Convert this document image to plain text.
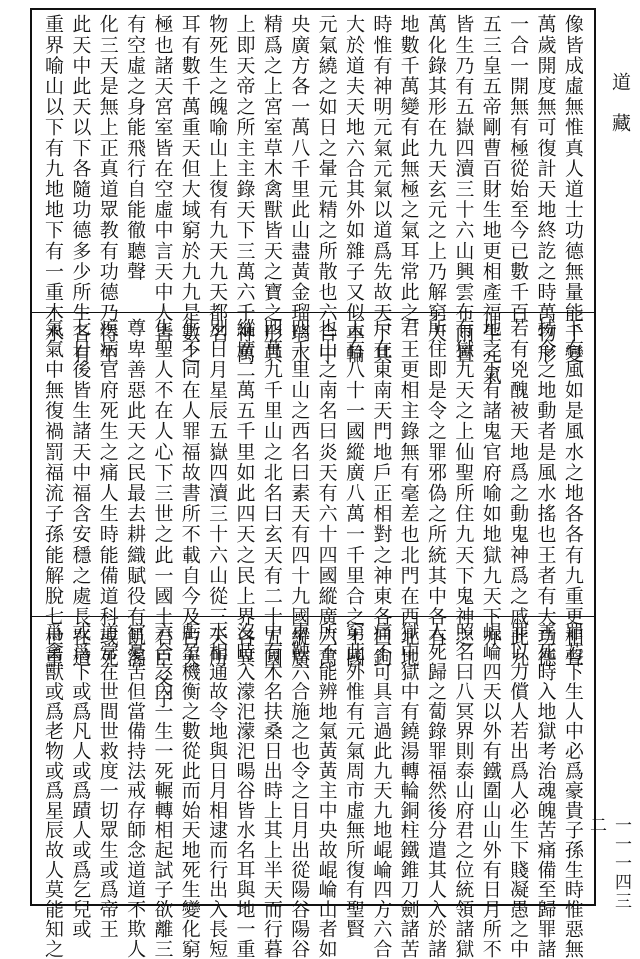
像皆成虛無惟真人道士功德無量能千變
萬歲開度無可復計天地終訖之時萬物形
一合一開無有極從始至今已數千百
五三皇五帝剛曹百財生地更相產福生元氣
皆生乃有五嶽四瀆三十六山興雲布雨置
萬化錄其形在九天玄元之上乃解窮天
地數千萬變有此無極之氣耳常此之
時惟有神明元氣元氣以道爲先故天下其
大於道夫天地六合其外如雜子又似車輪
元氣繞之如日之暈元精之所散也六合中
央廣方各一萬八千里此山盡黃金瑠璃水
精爲之上宮室草木禽獸皆天之寶之形其
上即天帝之所主主錄天下三萬六千神萬
物死生之魄喻山上復有九天九天都名
耳有數千萬重天但大域窮於九九是數之
極也諸天宮室皆在空虛中言天中人皆
有空虛之身能飛行自能徹聽聲
化三天是無上正真道眾教有功德乃得生
此天中此天以下各隨功德多少所生各有
重界喻山以下有九地地下有一重木水
下有風如是風水之地各各有九重更相聲
持令之地動者是風水搖也王者有大功德
若有兇醜被天地爲之動鬼神爲之戚此九
地之下有諸鬼官府喻如地獄九天下亦
有獄九天之上仙聖所住九天下鬼神之
所住即是令之罪邪偽之所統其中各有
君王更相主錄無有毫差也北門在西北地
戶在東南天門地戶正相對之神東各曰鉤
天有八十一國縱廣八萬一千里合之土國
也山之南名曰炎天有六十四國縱廣六萬
四千里山之西名曰素天有四十九國縱廣
四萬九千里山之北名曰玄天有二十五國
縱廣二萬五千里如此四天之民上界各異
別日月星辰五嶽四瀆三十六山從三天所
生不同在人罪福故書所不載自今及古天
生聖人不在人心下三世之此一國土君臣父子
尊卑善惡此天之民最去耕織賦役有飢渴
疾病官府死生之痛人生時能備道科或死
七日後皆生諸天中福含安穩之處長在道
氣氣中無復禍罰福流子孫能解脫七世重
罪若下生人中必爲豪貴子孫生時惟惡無
善死時入地獄考治魂魄苦痛備至歸罪諸
罪以力償人若出爲人必生下賤凝愚之中
崐崘四天以外有鐵圍山山外有日月所不
照名曰八冥界則泰山府君之位統領諸獄
人死歸之蔔錄罪福然後分遣其人入於諸
獄中獄中有鐃湯轉輪銅柱鐵錐刀劍諸苦
痛不可具言過此九天九地崐崘四方六合
窮此外惟有元氣周市虛無所復有聖賢
所不能辨地氣黃黃主中央故崐崘山者如
車鞅六合施之也令之日月出從陽谷陽谷
中有木名扶桑日出時上其上半天而行暮
沒時入濛汜濛汜暘谷皆水名耳與地一重
水相通故令地與日月相逮而行出入長短
虧盈機衡之數從此而始天地死生變化窮
六合之內一生一死輾轉相起試子欲離三
官憂苦但當備持法戒存師念道道不欺人
道常在世間世救度一切眾生或爲帝王
或爲下或爲凡人或爲蹟人或爲乞兒或
爲禽獸或爲老物或爲星辰故人莫能知之
道藏
一一一四三二
